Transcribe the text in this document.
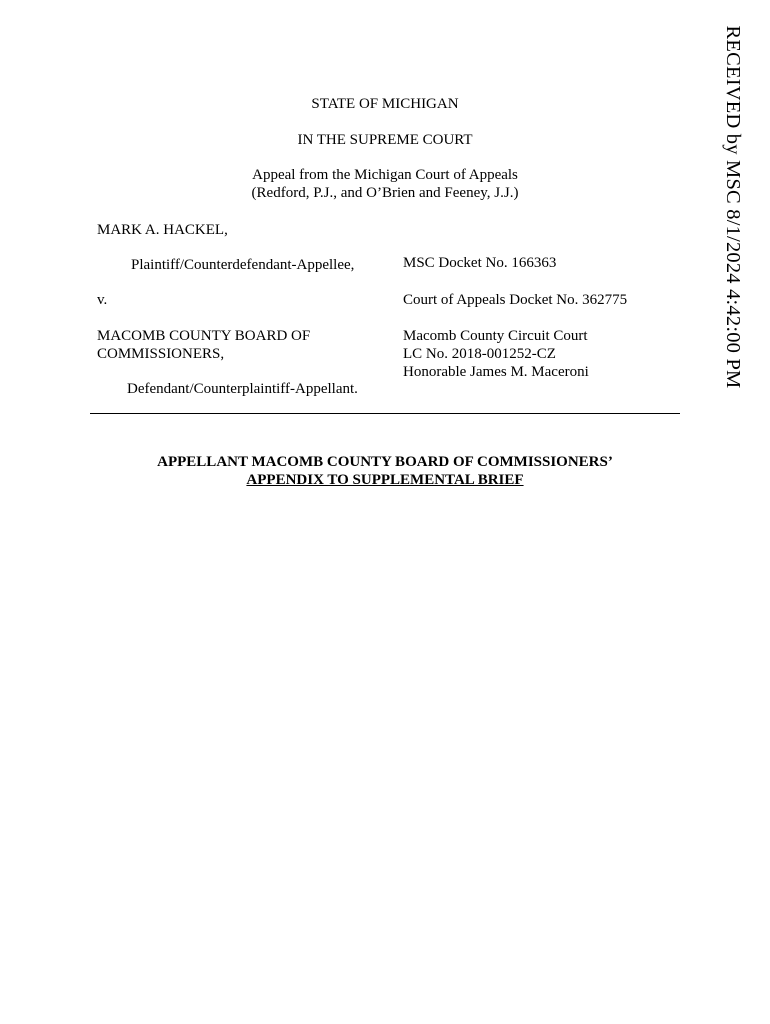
RECEIVED by MSC 8/1/2024 4:42:00 PM
STATE OF MICHIGAN
IN THE SUPREME COURT
Appeal from the Michigan Court of Appeals
(Redford, P.J., and O’Brien and Feeney, J.J.)
MARK A. HACKEL,
Plaintiff/Counterdefendant-Appellee,
v.
MACOMB COUNTY BOARD OF
COMMISSIONERS,
Defendant/Counterplaintiff-Appellant.
MSC Docket No. 166363
Court of Appeals Docket No. 362775
Macomb County Circuit Court
LC No. 2018-001252-CZ
Honorable James M. Maceroni
APPELLANT MACOMB COUNTY BOARD OF COMMISSIONERS’
APPENDIX TO SUPPLEMENTAL BRIEF
